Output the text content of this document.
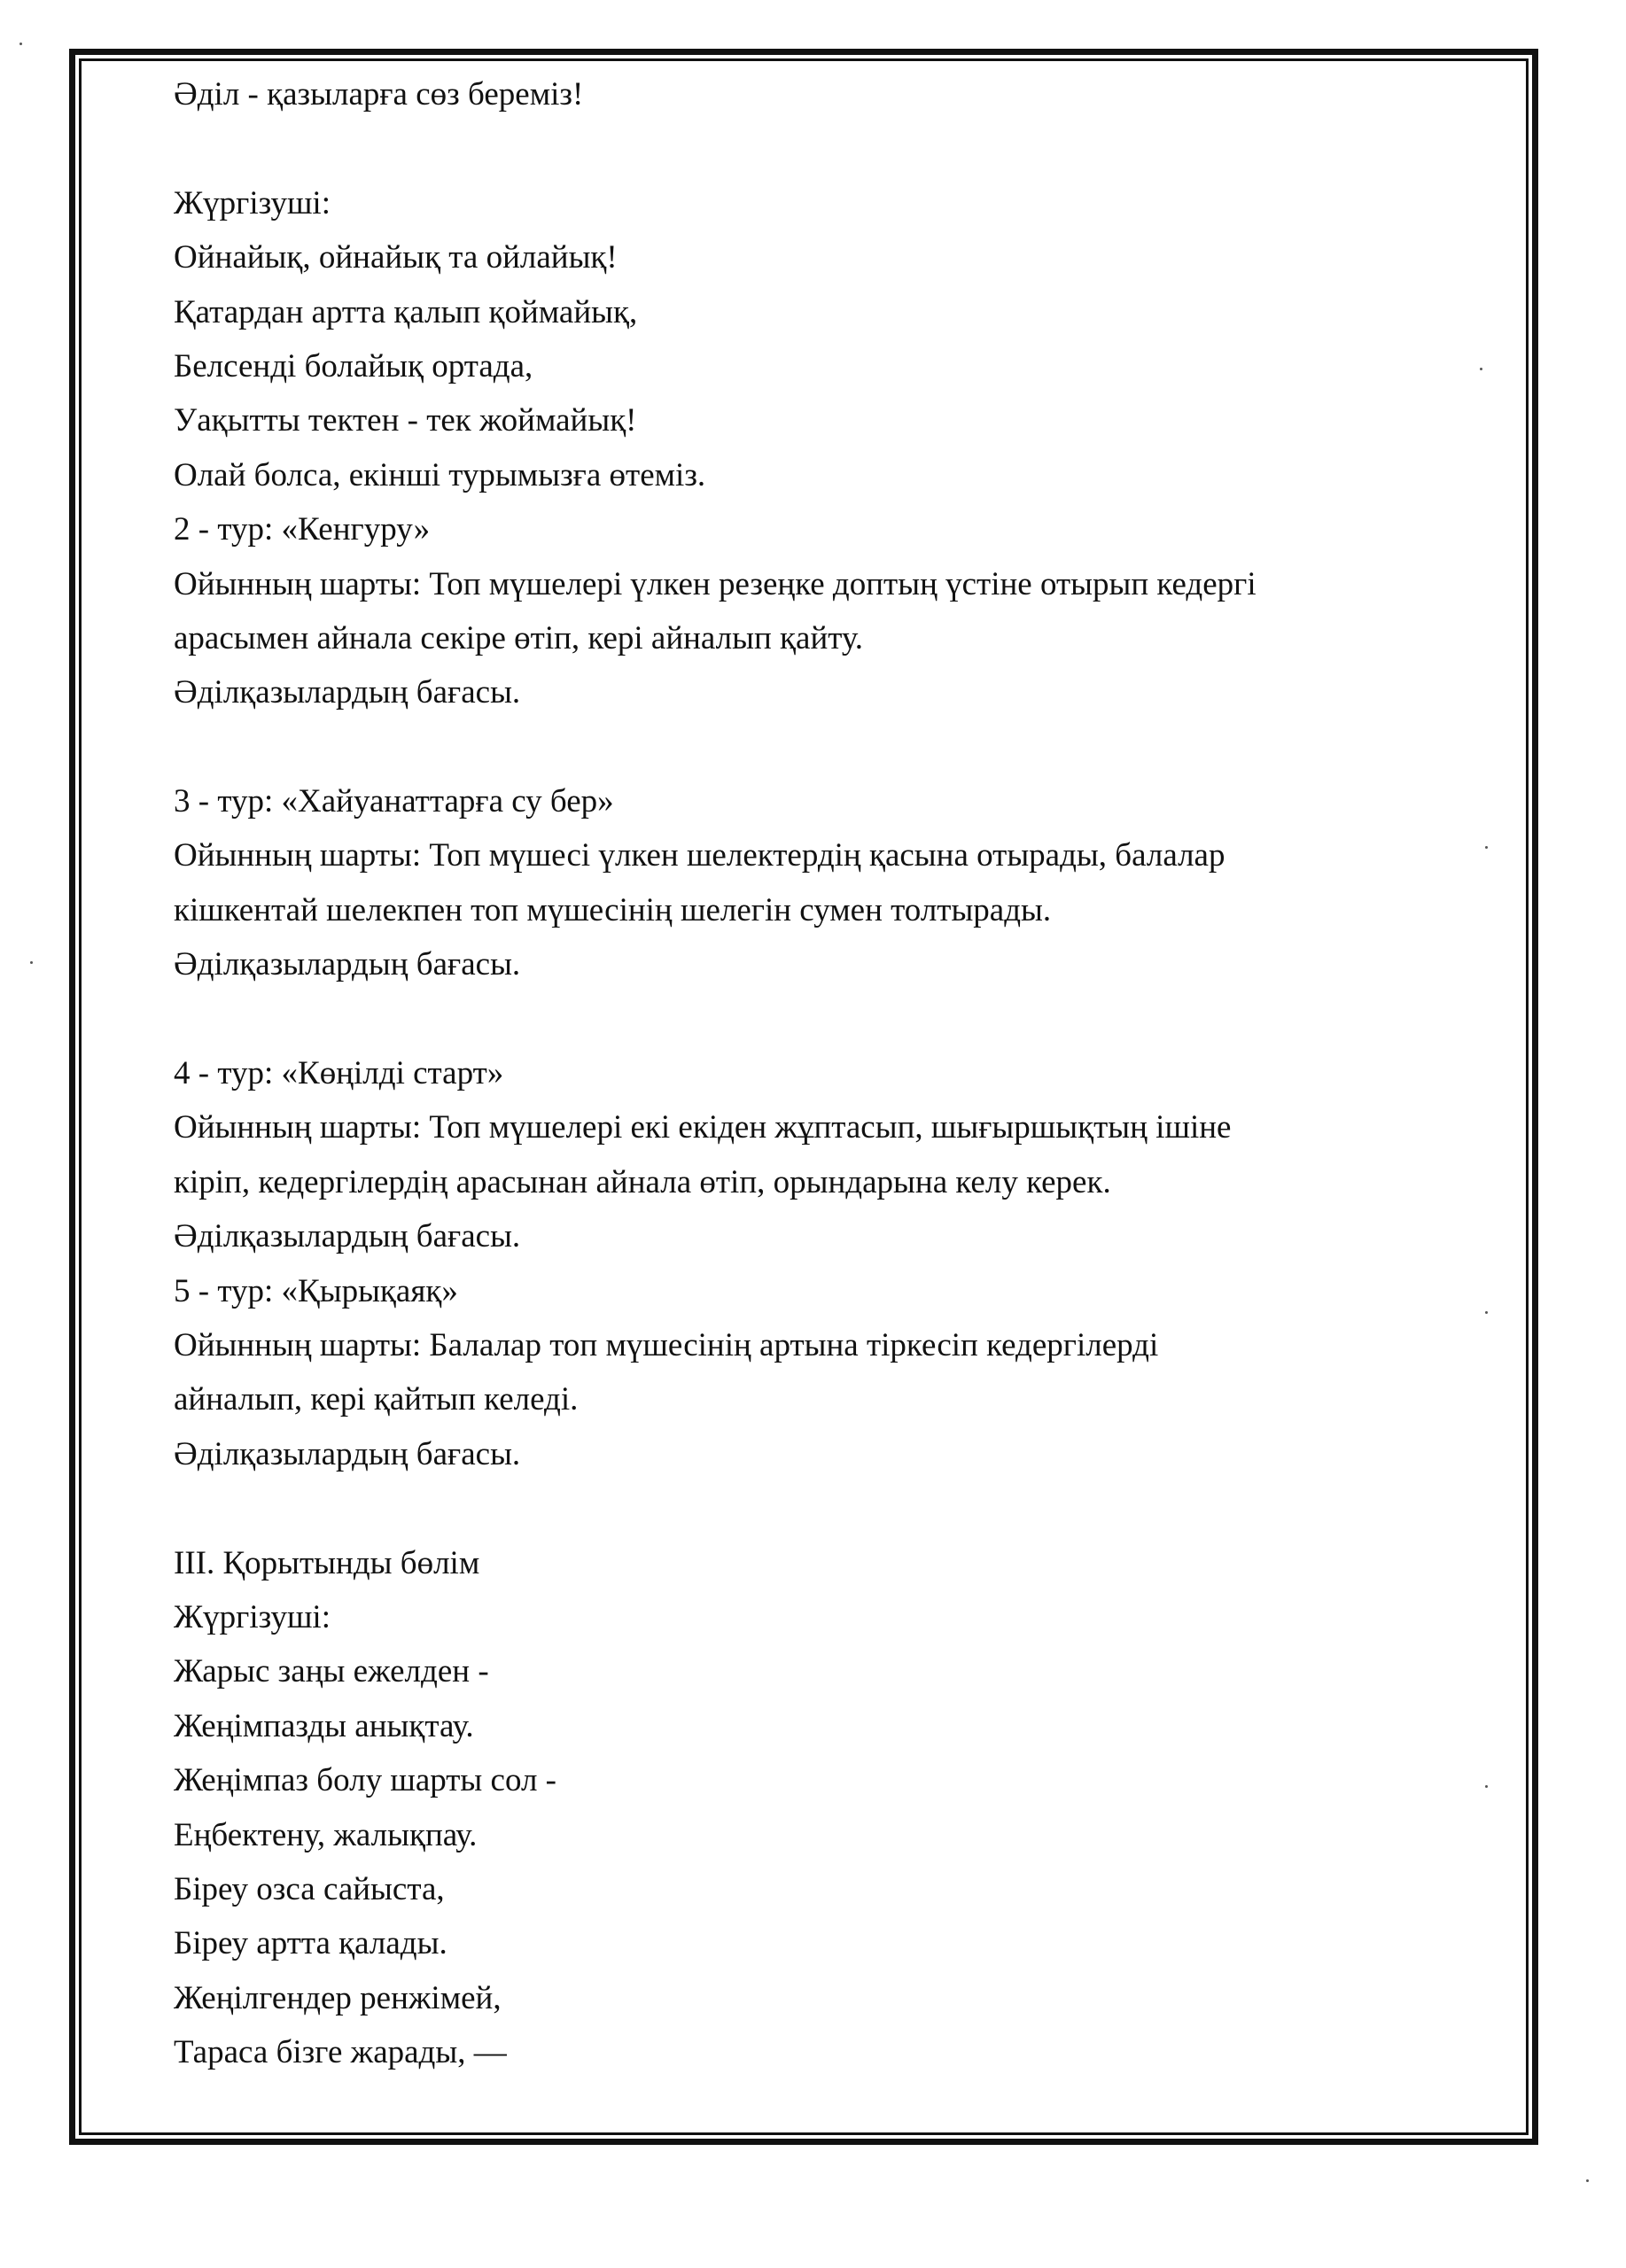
Әділ - қазыларға сөз береміз!
Жүргізуші:
Ойнайық, ойнайық та ойлайық!
Қатардан артта қалып қоймайық,
Белсенді болайық ортада,
Уақытты тектен - тек жоймайық!
Олай болса, екінші турымызға өтеміз.
2 - тур: «Кенгуру»
Ойынның шарты: Топ мүшелері үлкен резеңке доптың үстіне отырып кедергі
арасымен айнала секіре өтіп, кері айналып қайту.
Әділқазылардың бағасы.
3 - тур: «Хайуанаттарға су бер»
Ойынның шарты: Топ мүшесі үлкен шелектердің қасына отырады, балалар
кішкентай шелекпен топ мүшесінің шелегін сумен толтырады.
Әділқазылардың бағасы.
4 - тур: «Көңілді старт»
Ойынның шарты: Топ мүшелері екі екіден жұптасып, шығыршықтың ішіне
кіріп, кедергілердің арасынан айнала өтіп, орындарына келу керек.
Әділқазылардың бағасы.
5 - тур: «Қырықаяқ»
Ойынның шарты: Балалар топ мүшесінің артына тіркесіп кедергілерді
айналып, кері қайтып келеді.
Әділқазылардың бағасы.
ІІІ. Қорытынды бөлім
Жүргізуші:
Жарыс заңы ежелден -
Жеңімпазды анықтау.
Жеңімпаз болу шарты сол -
Еңбектену, жалықпау.
Біреу озса сайыста,
Біреу артта қалады.
Жеңілгендер ренжімей,
Тараса бізге жарады, —
